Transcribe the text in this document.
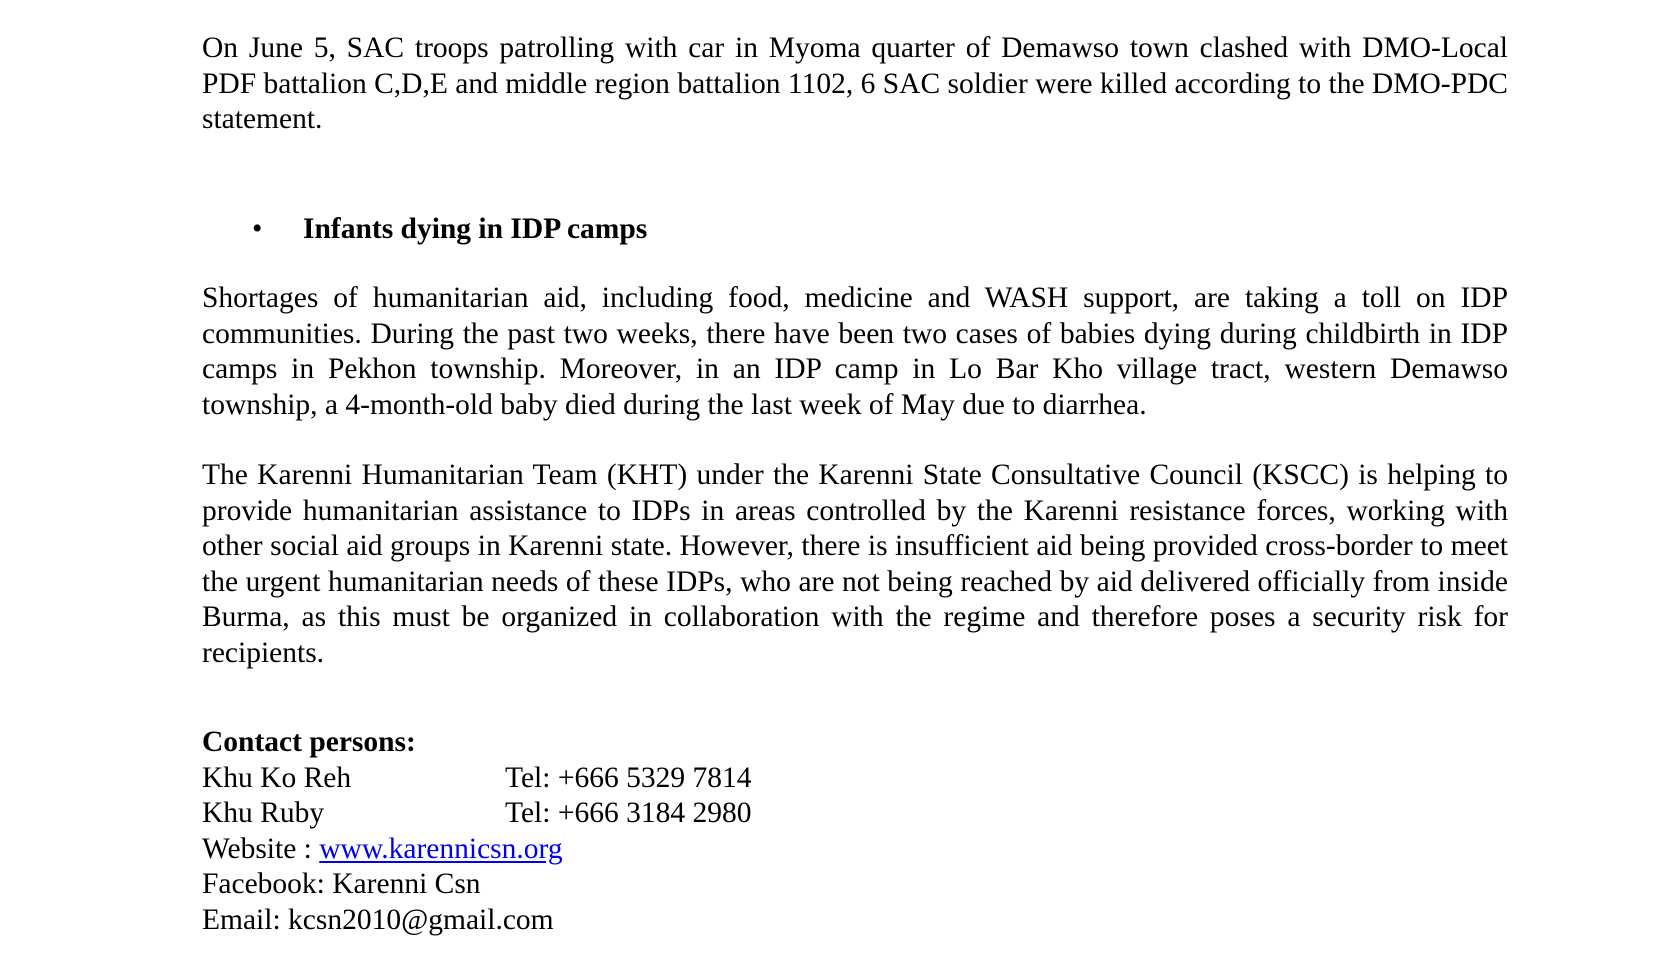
On June 5, SAC troops patrolling with car in Myoma quarter of Demawso town clashed with DMO-Local PDF battalion C,D,E and middle region battalion 1102, 6 SAC soldier were killed according to the DMO-PDC statement.

• Infants dying in IDP camps

Shortages of humanitarian aid, including food, medicine and WASH support, are taking a toll on IDP communities. During the past two weeks, there have been two cases of babies dying during childbirth in IDP camps in Pekhon township. Moreover, in an IDP camp in Lo Bar Kho village tract, western Demawso township, a 4-month-old baby died during the last week of May due to diarrhea.

The Karenni Humanitarian Team (KHT) under the Karenni State Consultative Council (KSCC) is helping to provide humanitarian assistance to IDPs in areas controlled by the Karenni resistance forces, working with other social aid groups in Karenni state. However, there is insufficient aid being provided cross-border to meet the urgent humanitarian needs of these IDPs, who are not being reached by aid delivered officially from inside Burma, as this must be organized in collaboration with the regime and therefore poses a security risk for recipients.

Contact persons:
Khu Ko Reh	Tel: +666 5329 7814
Khu Ruby	Tel: +666 3184 2980
Website : www.karennicsn.org
Facebook: Karenni Csn
Email: kcsn2010@gmail.com
